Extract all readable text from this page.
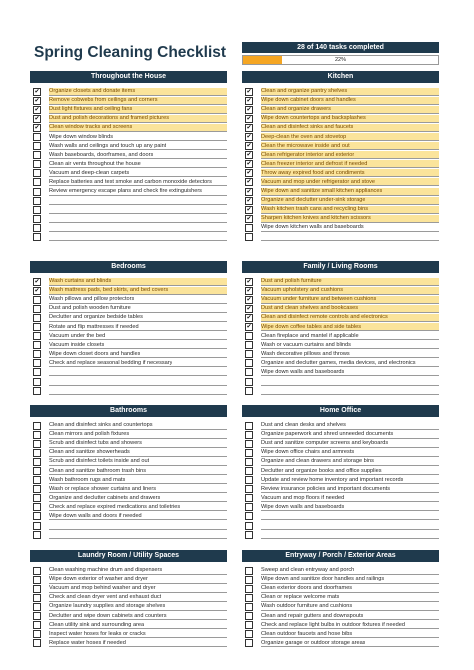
Spring Cleaning Checklist	28 of 140 tasks completed
22%
Throughout the House
✔ Organize closets and donate items
✔ Remove cobwebs from ceilings and corners
✔ Dust light fixtures and ceiling fans
✔ Dust and polish decorations and framed pictures
✔ Clean window tracks and screens
Wipe down window blinds
Wash walls and ceilings and touch up any paint
Wash baseboards, doorframes, and doors
Clean air vents throughout the house
Vacuum and deep-clean carpets
Replace batteries and test smoke and carbon monoxide detectors
Review emergency escape plans and check fire extinguishers
Kitchen
✔ Clean and organize pantry shelves
✔ Wipe down cabinet doors and handles
✔ Clean and organize drawers
✔ Wipe down countertops and backsplashes
✔ Clean and disinfect sinks and faucets
✔ Deep-clean the oven and stovetop
✔ Clean the microwave inside and out
✔ Clean refrigerator interior and exterior
✔ Clean freezer interior and defrost if needed
✔ Throw away expired food and condiments
✔ Vacuum and mop under refrigerator and stove
✔ Wipe down and sanitize small kitchen appliances
✔ Organize and declutter under-sink storage
✔ Wash kitchen trash cans and recycling bins
✔ Sharpen kitchen knives and kitchen scissors
Wipe down kitchen walls and baseboards
Bedrooms
✔ Wash curtains and blinds
✔ Wash mattress pads, bed skirts, and bed covers
Wash pillows and pillow protectors
Dust and polish wooden furniture
Declutter and organize bedside tables
Rotate and flip mattresses if needed
Vacuum under the bed
Vacuum inside closets
Wipe down closet doors and handles
Check and replace seasonal bedding if necessary
Family / Living Rooms
✔ Dust and polish furniture
✔ Vacuum upholstery and cushions
✔ Vacuum under furniture and between cushions
✔ Dust and clean shelves and bookcases
✔ Clean and disinfect remote controls and electronics
✔ Wipe down coffee tables and side tables
Clean fireplace and mantel if applicable
Wash or vacuum curtains and blinds
Wash decorative pillows and throws
Organize and declutter games, media devices, and electronics
Wipe down walls and baseboards
Bathrooms
Clean and disinfect sinks and countertops
Clean mirrors and polish fixtures
Scrub and disinfect tubs and showers
Clean and sanitize showerheads
Scrub and disinfect toilets inside and out
Clean and sanitize bathroom trash bins
Wash bathroom rugs and mats
Wash or replace shower curtains and liners
Organize and declutter cabinets and drawers
Check and replace expired medications and toiletries
Wipe down walls and doors if needed
Home Office
Dust and clean desks and shelves
Organize paperwork and shred unneeded documents
Dust and sanitize computer screens and keyboards
Wipe down office chairs and armrests
Organize and clean drawers and storage bins
Declutter and organize books and office supplies
Update and review home inventory and important records
Review insurance policies and important documents
Vacuum and mop floors if needed
Wipe down walls and baseboards
Laundry Room / Utility Spaces
Clean washing machine drum and dispensers
Wipe down exterior of washer and dryer
Vacuum and mop behind washer and dryer
Check and clean dryer vent and exhaust duct
Organize laundry supplies and storage shelves
Declutter and wipe down cabinets and counters
Clean utility sink and surrounding area
Inspect water hoses for leaks or cracks
Replace water hoses if needed
Entryway / Porch / Exterior Areas
Sweep and clean entryway and porch
Wipe down and sanitize door handles and railings
Clean exterior doors and doorframes
Clean or replace welcome mats
Wash outdoor furniture and cushions
Clean and repair gutters and downspouts
Check and replace light bulbs in outdoor fixtures if needed
Clean outdoor faucets and hose bibs
Organize garage or outdoor storage areas
